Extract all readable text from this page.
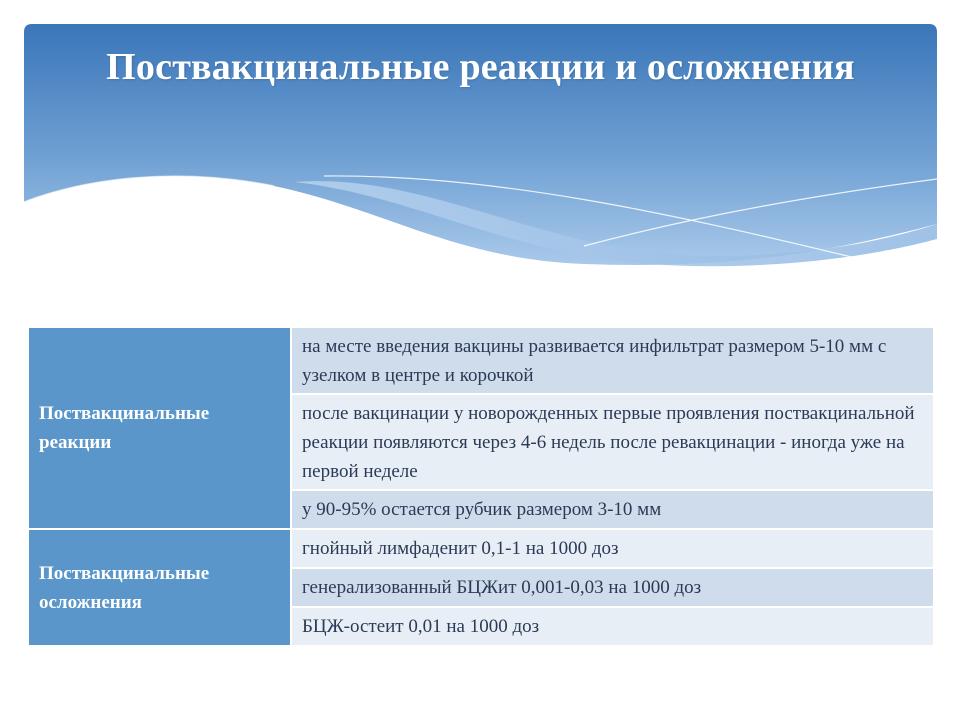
Поствакцинальные реакции и осложнения
Поствакцинальные реакции	на месте введения вакцины развивается инфильтрат размером 5-10 мм с узелком в центре и корочкой
	после вакцинации у новорожденных первые проявления поствакцинальной реакции появляются через 4-6 недель после ревакцинации - иногда уже на первой неделе
	у 90-95% остается рубчик размером 3-10 мм
Поствакцинальные осложнения	гнойный лимфаденит 0,1-1 на 1000 доз
	генерализованный БЦЖит 0,001-0,03 на 1000 доз
	БЦЖ-остеит 0,01 на 1000 доз
